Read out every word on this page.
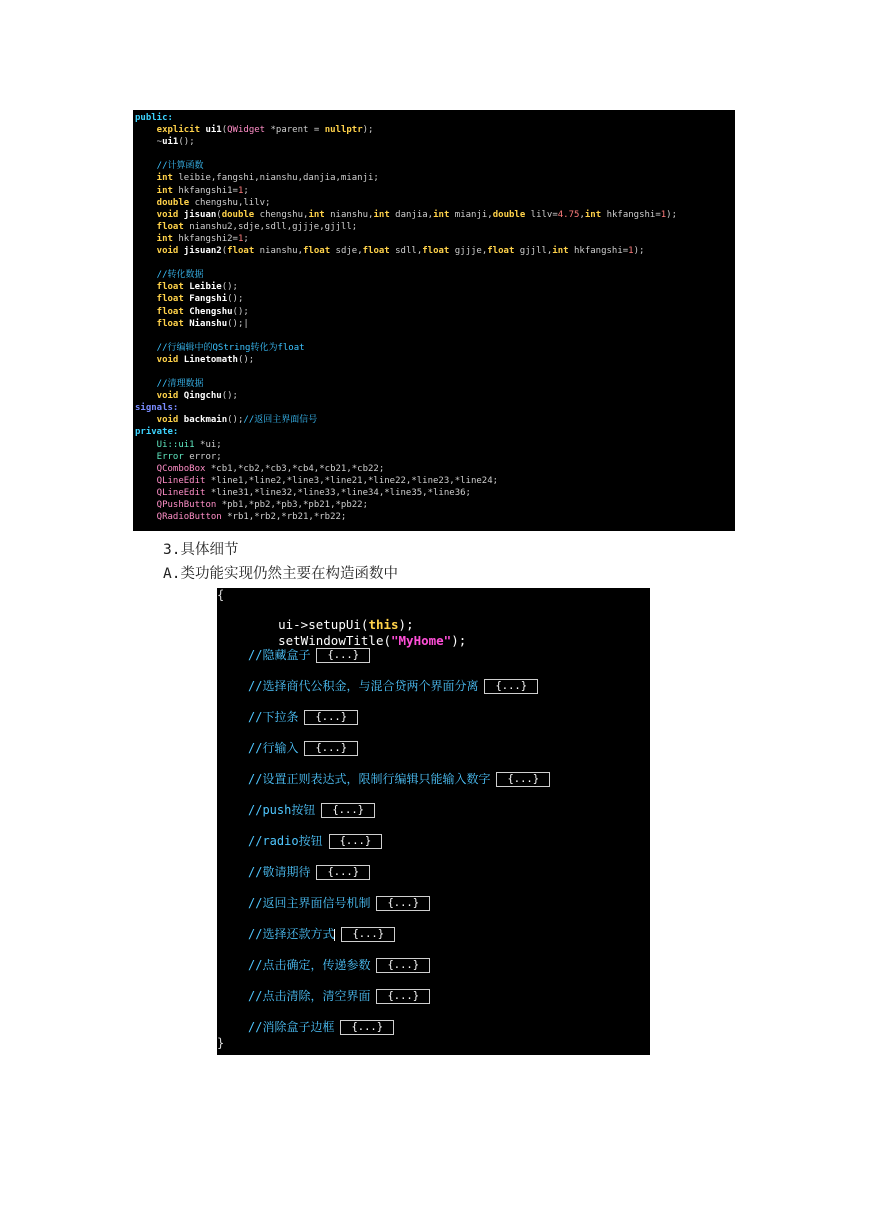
public:
explicit ui1(QWidget *parent = nullptr);
~ui1();
//计算函数
int leibie,fangshi,nianshu,danjia,mianji;
int hkfangshi1=1;
double chengshu,lilv;
void jisuan(double chengshu,int nianshu,int danjia,int mianji,double lilv=4.75,int hkfangshi=1);
float nianshu2,sdje,sdll,gjjje,gjjll;
int hkfangshi2=1;
void jisuan2(float nianshu,float sdje,float sdll,float gjjje,float gjjll,int hkfangshi=1);
//转化数据
float Leibie();
float Fangshi();
float Chengshu();
float Nianshu();|
//行编辑中的QString转化为float
void Linetomath();
//清理数据
void Qingchu();
signals:
void backmain();//返回主界面信号
private:
Ui::ui1 *ui;
Error error;
QComboBox *cb1,*cb2,*cb3,*cb4,*cb21,*cb22;
QLineEdit *line1,*line2,*line3,*line21,*line22,*line23,*line24;
QLineEdit *line31,*line32,*line33,*line34,*line35,*line36;
QPushButton *pb1,*pb2,*pb3,*pb21,*pb22;
QRadioButton *rb1,*rb2,*rb21,*rb22;
3.具体细节
A.类功能实现仍然主要在构造函数中
{

ui->setupUi(this);

setWindowTitle("MyHome");

//隐藏盒子 {...}
//选择商代公积金，与混合贷两个界面分离 {...}
//下拉条 {...}
//行输入 {...}
//设置正则表达式，限制行编辑只能输入数字 {...}
//push按钮 {...}
//radio按钮 {...}
//敬请期待 {...}
//返回主界面信号机制 {...}
//选择还款方式 {...}
//点击确定，传递参数 {...}
//点击清除，清空界面 {...}
//消除盒子边框 {...}
}
